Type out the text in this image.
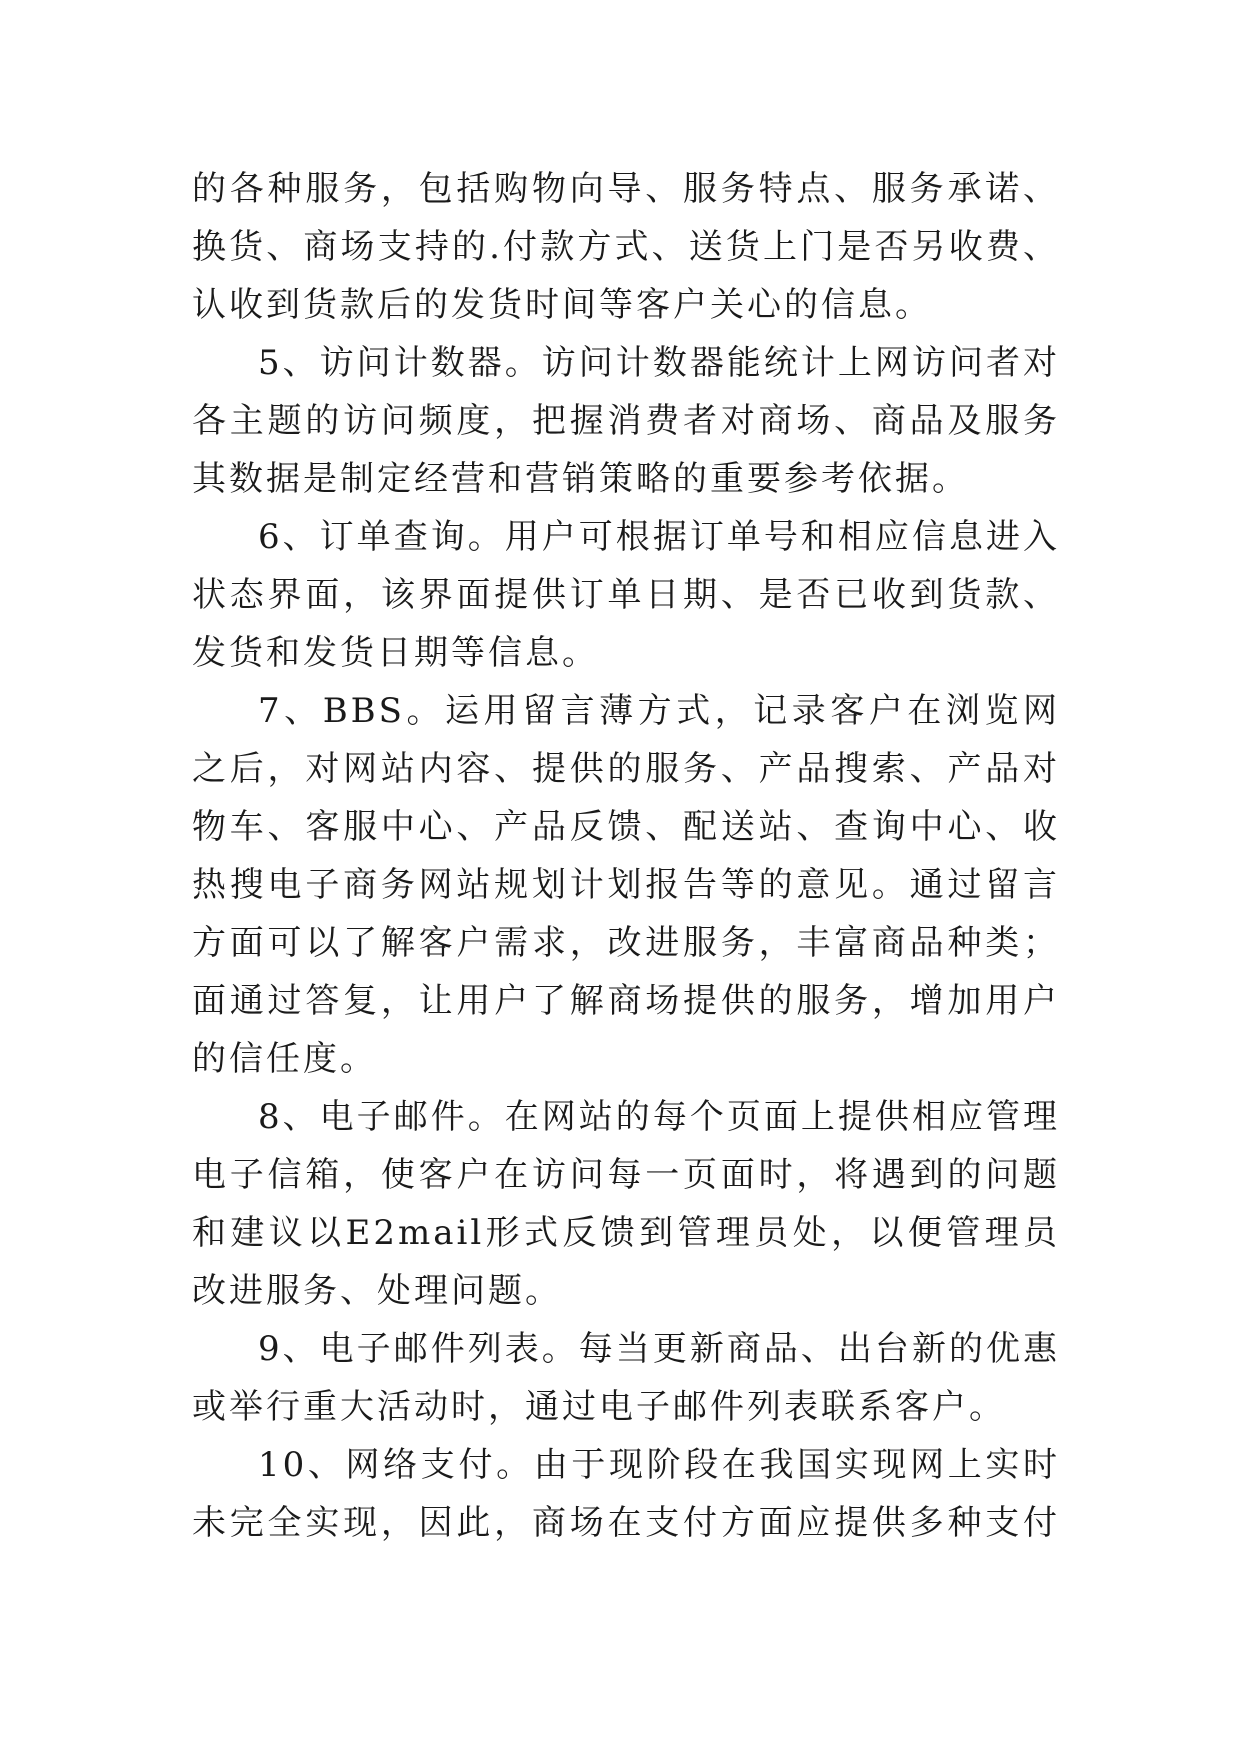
的各种服务，包括购物向导、服务特点、服务承诺、
换货、商场支持的.付款方式、送货上门是否另收费、
认收到货款后的发货时间等客户关心的信息。
5、访问计数器。访问计数器能统计上网访问者对
各主题的访问频度，把握消费者对商场、商品及服务
其数据是制定经营和营销策略的重要参考依据。
6、订单查询。用户可根据订单号和相应信息进入
状态界面，该界面提供订单日期、是否已收到货款、
发货和发货日期等信息。
7、BBS。运用留言薄方式，记录客户在浏览网
之后，对网站内容、提供的服务、产品搜索、产品对
物车、客服中心、产品反馈、配送站、查询中心、收
热搜电子商务网站规划计划报告等的意见。通过留言
方面可以了解客户需求，改进服务，丰富商品种类；
面通过答复，让用户了解商场提供的服务，增加用户
的信任度。
8、电子邮件。在网站的每个页面上提供相应管理
电子信箱，使客户在访问每一页面时，将遇到的问题
和建议以E2mail形式反馈到管理员处，以便管理员
改进服务、处理问题。
9、电子邮件列表。每当更新商品、出台新的优惠
或举行重大活动时，通过电子邮件列表联系客户。
10、网络支付。由于现阶段在我国实现网上实时
未完全实现，因此，商场在支付方面应提供多种支付
